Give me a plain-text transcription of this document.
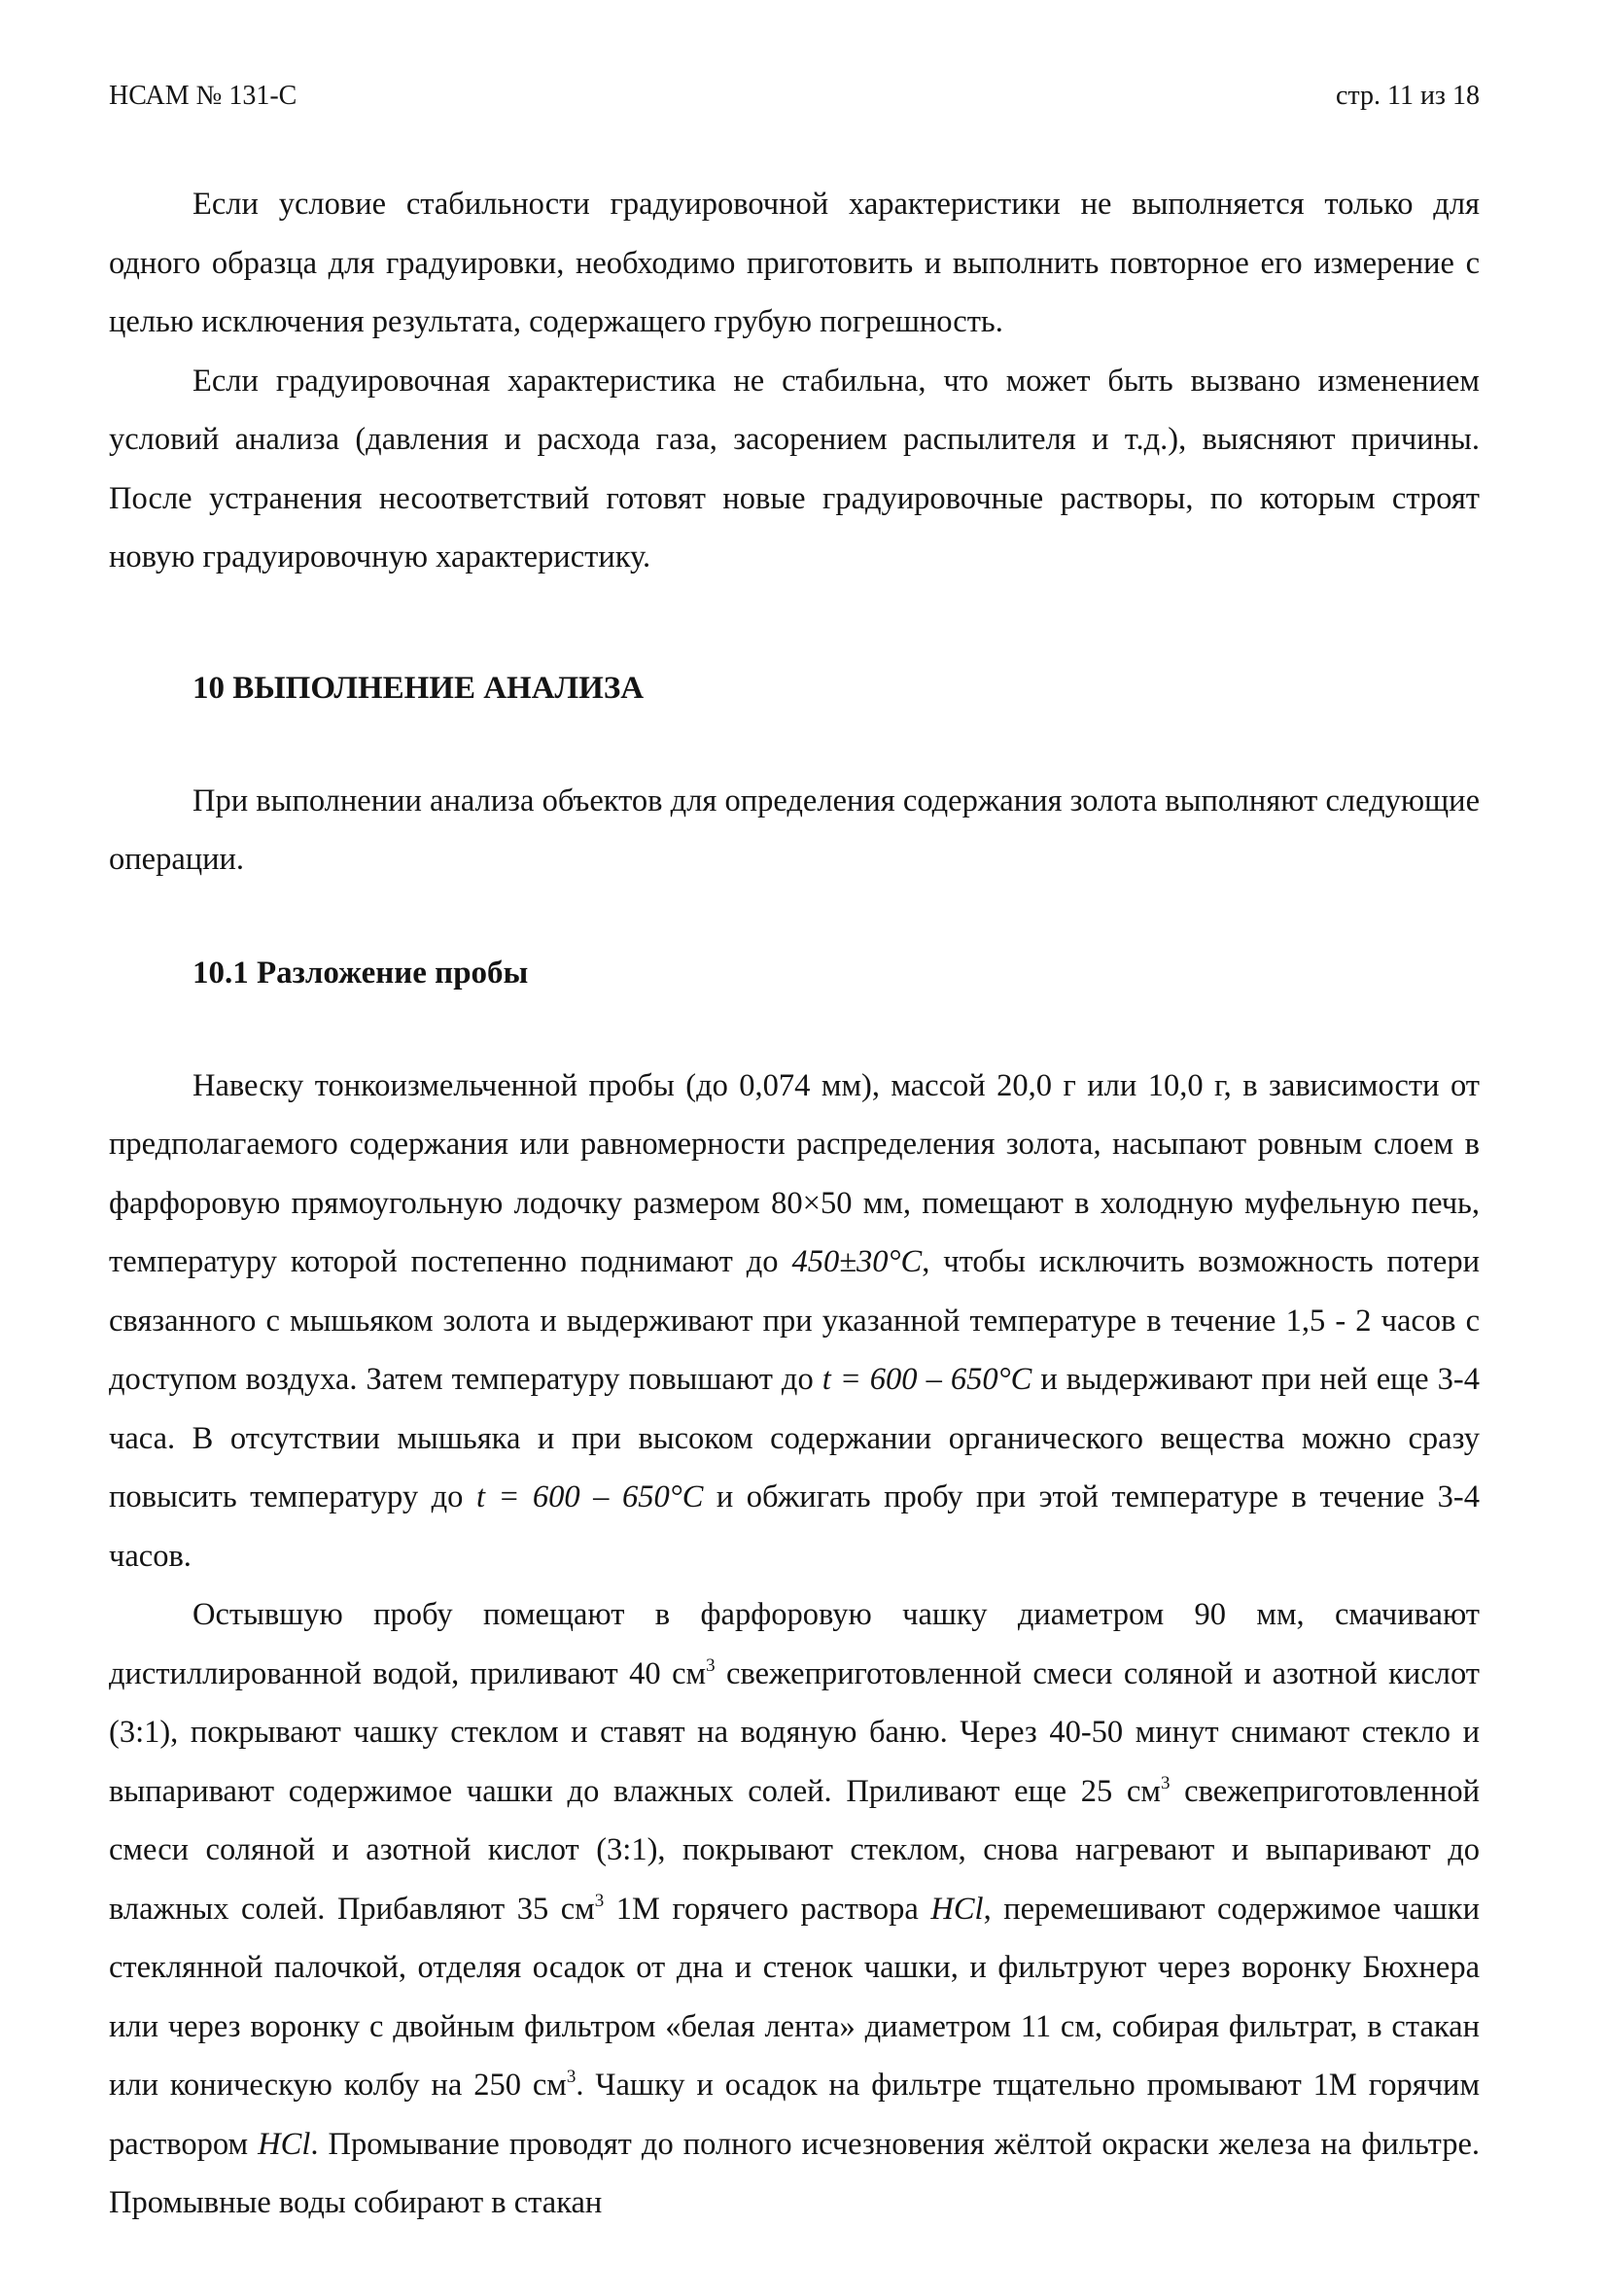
НСАМ № 131-С	стр. 11 из 18

Если условие стабильности градуировочной характеристики не выполняется только для одного образца для градуировки, необходимо приготовить и выполнить повторное его измерение с целью исключения результата, содержащего грубую погрешность.

Если градуировочная характеристика не стабильна, что может быть вызвано изменением условий анализа (давления и расхода газа, засорением распылителя и т.д.), выясняют причины. После устранения несоответствий готовят новые градуировочные растворы, по которым строят новую градуировочную характеристику.

10 ВЫПОЛНЕНИЕ АНАЛИЗА

При выполнении анализа объектов для определения содержания золота выполняют следующие операции.

10.1 Разложение пробы

Навеску тонкоизмельченной пробы (до 0,074 мм), массой 20,0 г или 10,0 г, в зависимости от предполагаемого содержания или равномерности распределения золота, насыпают ровным слоем в фарфоровую прямоугольную лодочку размером 80×50 мм, помещают в холодную муфельную печь, температуру которой постепенно поднимают до 450±30°C, чтобы исключить возможность потери связанного с мышьяком золота и выдерживают при указанной температуре в течение 1,5 - 2 часов с доступом воздуха. Затем температуру повышают до t = 600 – 650°C и выдерживают при ней еще 3-4 часа. В отсутствии мышьяка и при высоком содержании органического вещества можно сразу повысить температуру до t = 600 – 650°C и обжигать пробу при этой температуре в течение 3-4 часов.

Остывшую пробу помещают в фарфоровую чашку диаметром 90 мм, смачивают дистиллированной водой, приливают 40 $см^3$ свежеприготовленной смеси соляной и азотной кислот (3:1), покрывают чашку стеклом и ставят на водяную баню. Через 40-50 минут снимают стекло и выпаривают содержимое чашки до влажных солей. Приливают еще 25 $см^3$ свежеприготовленной смеси соляной и азотной кислот (3:1), покрывают стеклом, снова нагревают и выпаривают до влажных солей. Прибавляют 35 $см^3$ 1М горячего раствора HCl, перемешивают содержимое чашки стеклянной палочкой, отделяя осадок от дна и стенок чашки, и фильтруют через воронку Бюхнера или через воронку с двойным фильтром «белая лента» диаметром 11 см, собирая фильтрат, в стакан или коническую колбу на 250 $см^3$. Чашку и осадок на фильтре тщательно промывают 1М горячим раствором HCl. Промывание проводят до полного исчезновения жёлтой окраски железа на фильтре. Промывные воды собирают в стакан
